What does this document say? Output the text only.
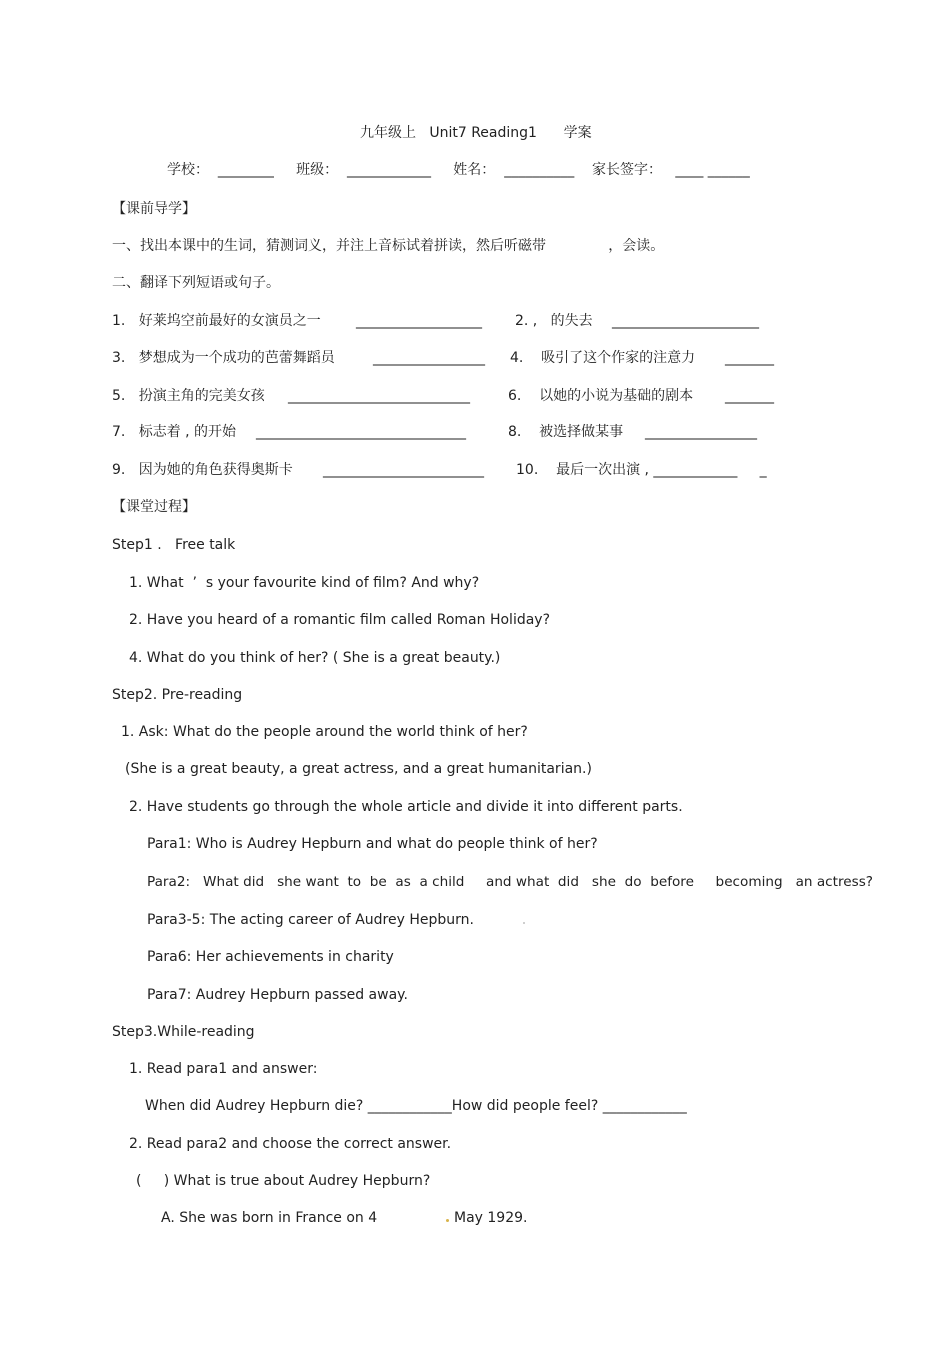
九年级上   Unit7 Reading1      学案
学校：  ________     班级：  ____________     姓名：  __________    家长签字：   ____ ______
【课前导学】
一、找出本课中的生词，猜测词义，并注上音标试着拼读，然后听磁带              ，会读。
二、翻译下列短语或句子。
1.   好莱坞空前最好的女演员之一	__________________ 2. ,   的失去 _____________________
3.   梦想成为一个成功的芭蕾舞蹈员	________________ 4.    吸引了这个作家的注意力 _______
5.   扮演主角的完美女孩 __________________________	6.    以她的小说为基础的剧本 _______
7.   标志着 , 的开始 ______________________________	8.    被选择做某事 ________________
9.   因为她的角色获得奥斯卡 _______________________ 10.    最后一次出演 , ____________     _
【课堂过程】
Step1 .   Free talk
1. What  ’  s your favourite kind of film? And why?
2. Have you heard of a romantic film called Roman Holiday?
4. What do you think of her? ( She is a great beauty.)
Step2. Pre-reading
1. Ask: What do the people around the world think of her?
(She is a great beauty, a great actress, and a great humanitarian.)
2. Have students go through the whole article and divide it into different parts.
Para1: Who is Audrey Hepburn and what do people think of her?
Para2:   What did   she want  to  be  as  a child     and what  did   she  do  before     becoming   an actress?
Para3-5: The acting career of Audrey Hepburn.
Para6: Her achievements in charity
Para7: Audrey Hepburn passed away.
Step3.While-reading
1. Read para1 and answer:
When did Audrey Hepburn die? ____________How did people feel? ____________
2. Read para2 and choose the correct answer.
(     ) What is true about Audrey Hepburn?
A. She was born in France on 4	May 1929.
